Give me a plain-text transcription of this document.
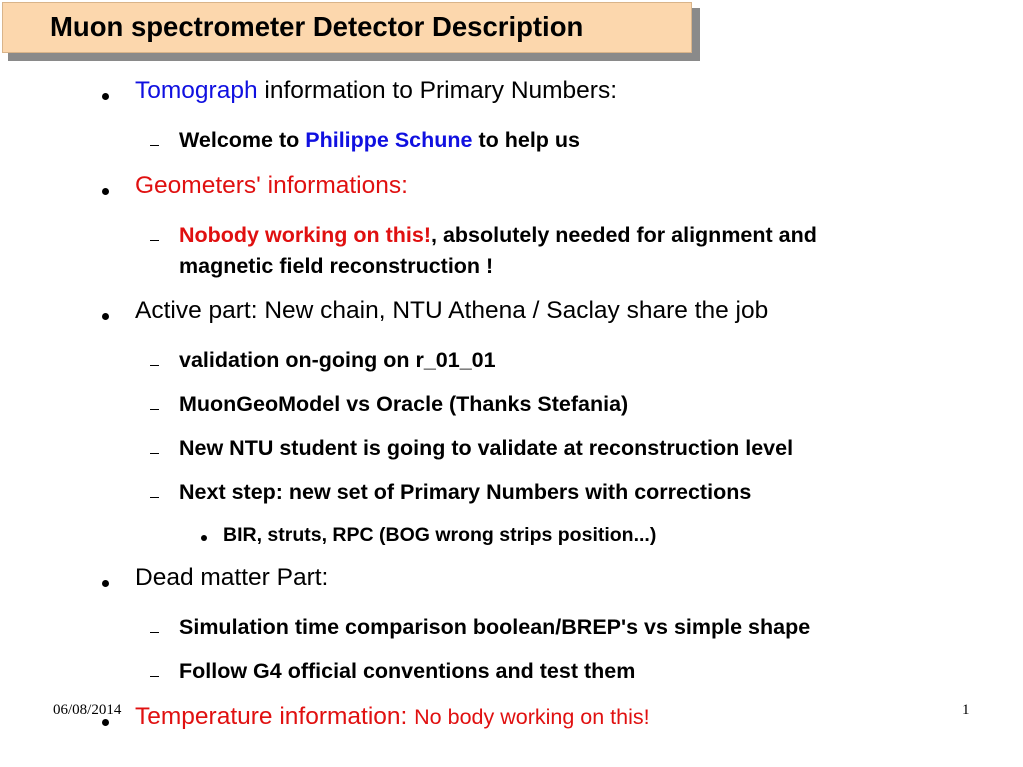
Muon spectrometer Detector Description
Tomograph information to Primary Numbers:
Welcome to Philippe Schune to help us
Geometers' informations:
Nobody working on this!, absolutely needed for alignment and
magnetic field reconstruction !
Active part: New chain, NTU Athena / Saclay share the job
validation on-going on r_01_01
MuonGeoModel vs Oracle (Thanks Stefania)
New NTU student is going to validate at reconstruction level
Next step: new set of Primary Numbers with corrections
BIR, struts, RPC (BOG wrong strips position...)
Dead matter Part:
Simulation time comparison boolean/BREP's vs simple shape
Follow G4 official conventions and test them
Temperature information: No body working on this!
06/08/2014	1
